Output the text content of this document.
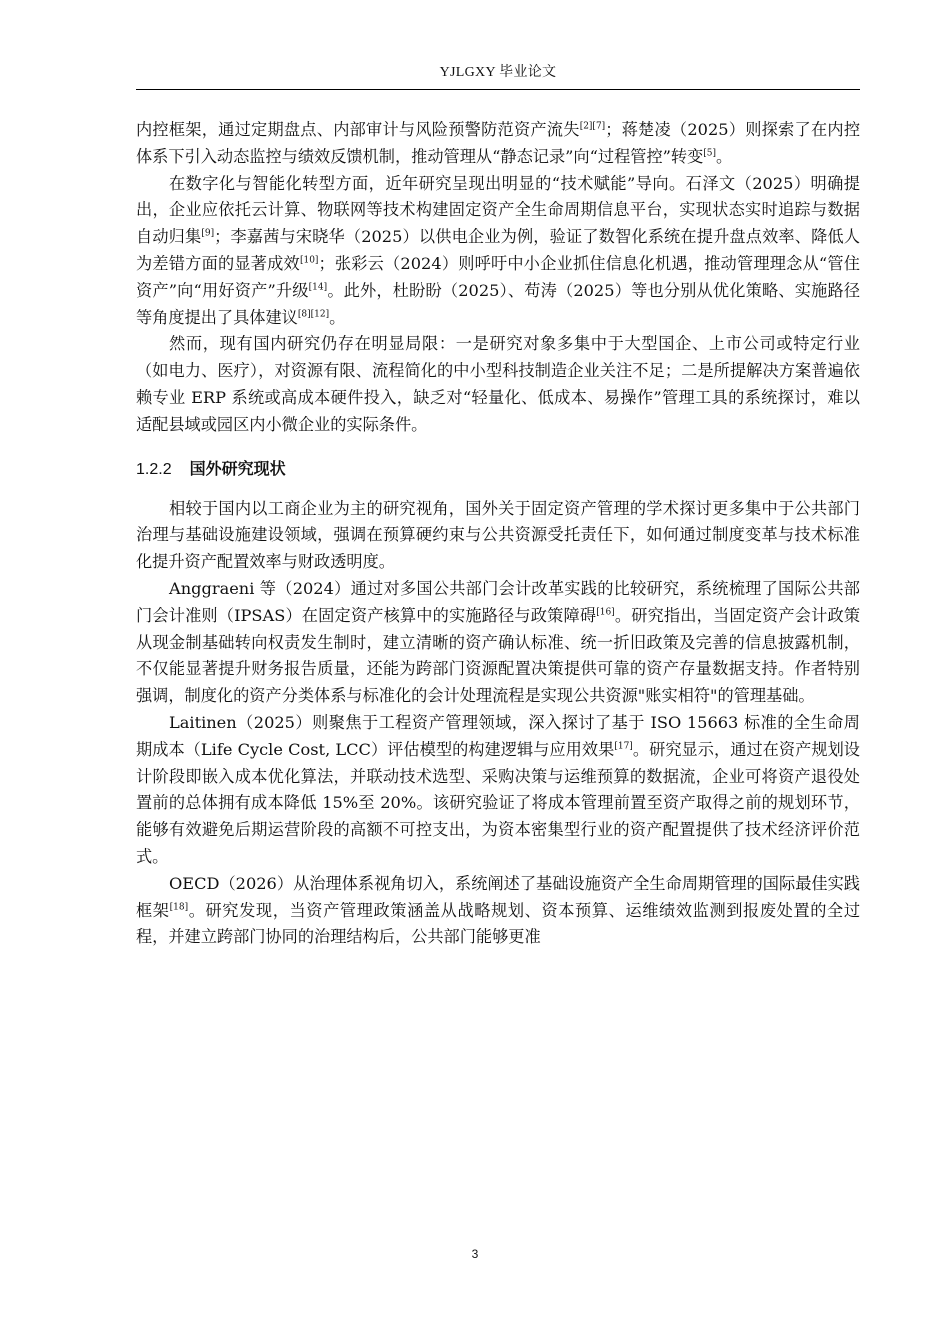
YJLGXY 毕业论文

内控框架，通过定期盘点、内部审计与风险预警防范资产流失[2][7]；蒋楚凌（2025）则探索了在内控体系下引入动态监控与绩效反馈机制，推动管理从“静态记录”向“过程管控”转变[5]。

在数字化与智能化转型方面，近年研究呈现出明显的“技术赋能”导向。石泽文（2025）明确提出，企业应依托云计算、物联网等技术构建固定资产全生命周期信息平台，实现状态实时追踪与数据自动归集[9]；李嘉茜与宋晓华（2025）以供电企业为例，验证了数智化系统在提升盘点效率、降低人为差错方面的显著成效[10]；张彩云（2024）则呼吁中小企业抓住信息化机遇，推动管理理念从“管住资产”向“用好资产”升级[14]。此外，杜盼盼（2025）、苟涛（2025）等也分别从优化策略、实施路径等角度提出了具体建议[8][12]。

然而，现有国内研究仍存在明显局限：一是研究对象多集中于大型国企、上市公司或特定行业（如电力、医疗），对资源有限、流程简化的中小型科技制造企业关注不足；二是所提解决方案普遍依赖专业 ERP 系统或高成本硬件投入，缺乏对“轻量化、低成本、易操作”管理工具的系统探讨，难以适配县域或园区内小微企业的实际条件。

1.2.2 国外研究现状

相较于国内以工商企业为主的研究视角，国外关于固定资产管理的学术探讨更多集中于公共部门治理与基础设施建设领域，强调在预算硬约束与公共资源受托责任下，如何通过制度变革与技术标准化提升资产配置效率与财政透明度。

Anggraeni 等（2024）通过对多国公共部门会计改革实践的比较研究，系统梳理了国际公共部门会计准则（IPSAS）在固定资产核算中的实施路径与政策障碍[16]。研究指出，当固定资产会计政策从现金制基础转向权责发生制时，建立清晰的资产确认标准、统一折旧政策及完善的信息披露机制，不仅能显著提升财务报告质量，还能为跨部门资源配置决策提供可靠的资产存量数据支持。作者特别强调，制度化的资产分类体系与标准化的会计处理流程是实现公共资源"账实相符"的管理基础。

Laitinen（2025）则聚焦于工程资产管理领域，深入探讨了基于 ISO 15663 标准的全生命周期成本（Life Cycle Cost, LCC）评估模型的构建逻辑与应用效果[17]。研究显示，通过在资产规划设计阶段即嵌入成本优化算法，并联动技术选型、采购决策与运维预算的数据流，企业可将资产退役处置前的总体拥有成本降低 15%至 20%。该研究验证了将成本管理前置至资产取得之前的规划环节，能够有效避免后期运营阶段的高额不可控支出，为资本密集型行业的资产配置提供了技术经济评价范式。

OECD（2026）从治理体系视角切入，系统阐述了基础设施资产全生命周期管理的国际最佳实践框架[18]。研究发现，当资产管理政策涵盖从战略规划、资本预算、运维绩效监测到报废处置的全过程，并建立跨部门协同的治理结构后，公共部门能够更准

3
